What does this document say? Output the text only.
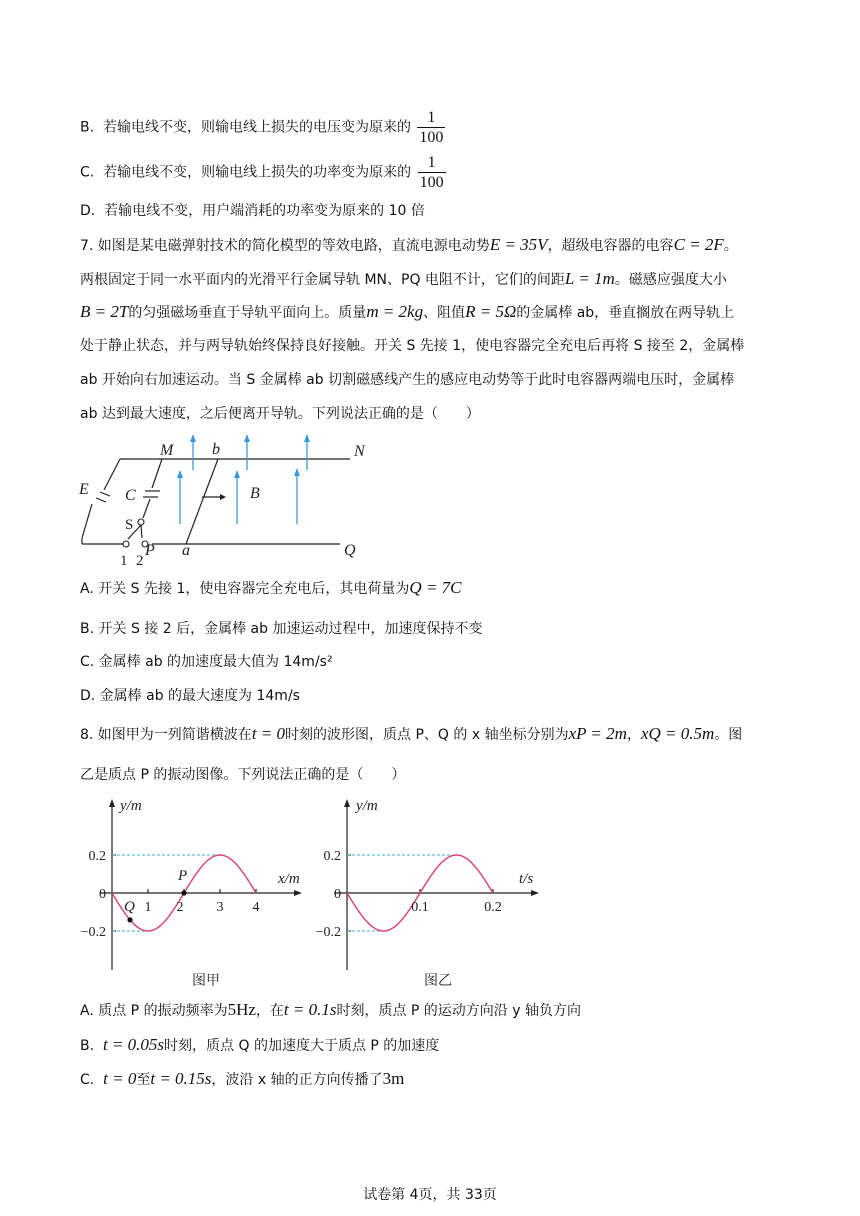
B. 若输电线不变，则输电线上损失的电压变为原来的 $\frac{1}{100}$
C. 若输电线不变，则输电线上损失的功率变为原来的 $\frac{1}{100}$
D. 若输电线不变，用户端消耗的功率变为原来的 10 倍
7. 如图是某电磁弹射技术的简化模型的等效电路，直流电源电动势E = 35V，超级电容器的电容C = 2F。
两根固定于同一水平面内的光滑平行金属导轨 MN、PQ 电阻不计，它们的间距L = 1m。磁感应强度大小
B = 2T的匀强磁场垂直于导轨平面向上。质量m = 2kg、阻值R = 5Ω的金属棒 ab，垂直搁放在两导轨上
处于静止状态，并与两导轨始终保持良好接触。开关 S 先接 1，使电容器完全充电后再将 S 接至 2，金属棒
ab 开始向右加速运动。当 S 金属棒 ab 切割磁感线产生的感应电动势等于此时电容器两端电压时，金属棒
ab 达到最大速度，之后便离开导轨。下列说法正确的是（　　）
E C
M b	N
B
P a	Q
S
1 2
A. 开关 S 先接 1，使电容器完全充电后，其电荷量为Q = 7C
B. 开关 S 接 2 后，金属棒 ab 加速运动过程中，加速度保持不变
C. 金属棒 ab 的加速度最大值为 14m/s²
D. 金属棒 ab 的最大速度为 14m/s
8. 如图甲为一列简谐横波在t = 0时刻的波形图，质点 P、Q 的 x 轴坐标分别为xP = 2m，xQ = 0.5m。图
乙是质点 P 的振动图像。下列说法正确的是（　　）
1 2 3 4
0.2
−0.2
0
y/m
x/m
P
Q
图甲
0.1	0.2
0.2
−0.2
0
y/m
t/s
图乙
A. 质点 P 的振动频率为5Hz，在t = 0.1s时刻，质点 P 的运动方向沿 y 轴负方向
B. t = 0.05s时刻，质点 Q 的加速度大于质点 P 的加速度
C. t = 0至t = 0.15s，波沿 x 轴的正方向传播了3m
试卷第 4页，共 33页
